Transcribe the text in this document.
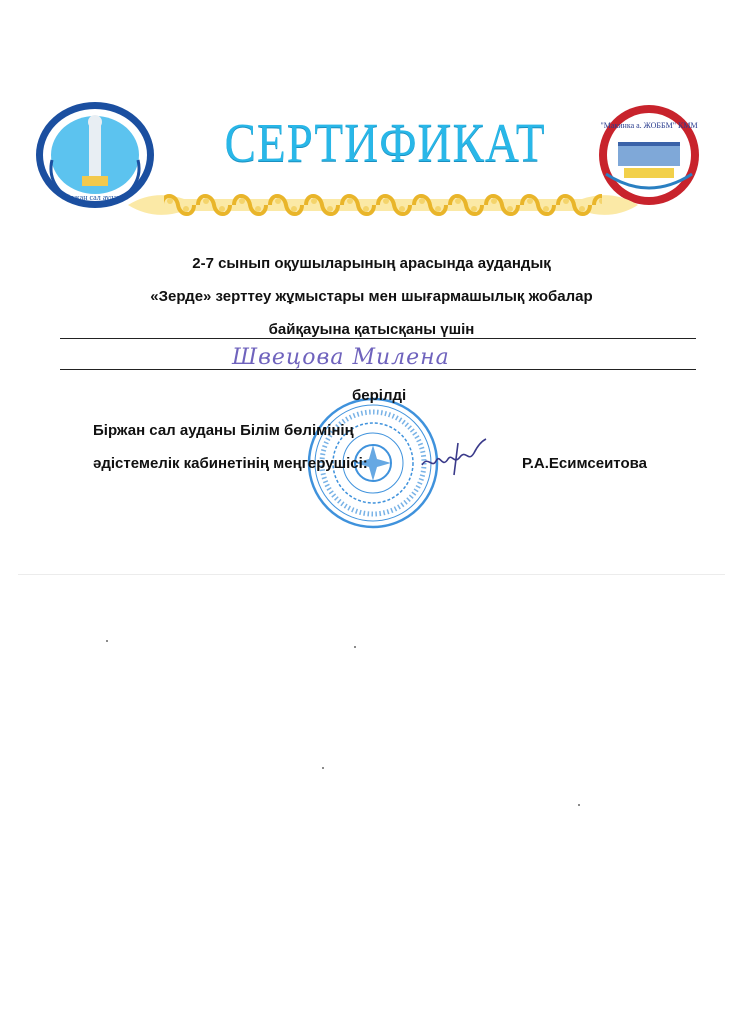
Біржан сал ауданы
"Макинка а. ЖОББМ" КММ
СЕРТИФИКАТ
2-7 сынып оқушыларының арасында аудандық
«Зерде» зерттеу жұмыстары мен шығармашылық жобалар
байқауына қатысқаны үшін
Швецова Милена
берілді
Біржан сал ауданы Білім бөлімінің
әдістемелік кабинетінің меңгерушісі:	Р.А.Есимсеитова
